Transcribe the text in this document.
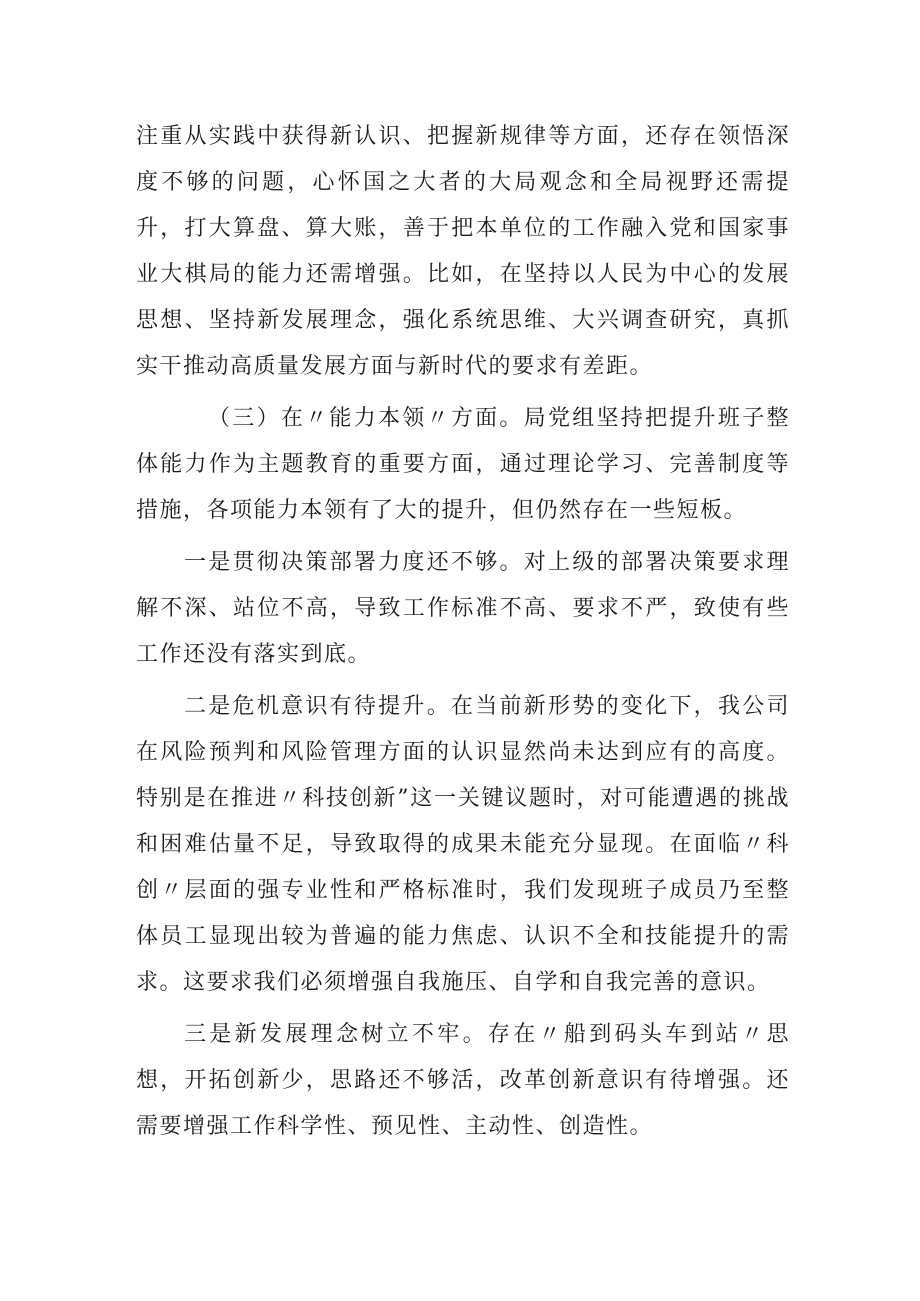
注重从实践中获得新认识、把握新规律等方面，还存在领悟深度不够的问题，心怀国之大者的大局观念和全局视野还需提升，打大算盘、算大账，善于把本单位的工作融入党和国家事业大棋局的能力还需增强。比如，在坚持以人民为中心的发展思想、坚持新发展理念，强化系统思维、大兴调查研究，真抓实干推动高质量发展方面与新时代的要求有差距。

（三）在〃能力本领〃方面。局党组坚持把提升班子整体能力作为主题教育的重要方面，通过理论学习、完善制度等措施，各项能力本领有了大的提升，但仍然存在一些短板。

一是贯彻决策部署力度还不够。对上级的部署决策要求理解不深、站位不高，导致工作标准不高、要求不严，致使有些工作还没有落实到底。

二是危机意识有待提升。在当前新形势的变化下，我公司在风险预判和风险管理方面的认识显然尚未达到应有的高度。特别是在推进〃科技创新”这一关键议题时，对可能遭遇的挑战和困难估量不足，导致取得的成果未能充分显现。在面临〃科创〃层面的强专业性和严格标准时，我们发现班子成员乃至整体员工显现出较为普遍的能力焦虑、认识不全和技能提升的需求。这要求我们必须增强自我施压、自学和自我完善的意识。

三是新发展理念树立不牢。存在〃船到码头车到站〃思想，开拓创新少，思路还不够活，改革创新意识有待增强。还需要增强工作科学性、预见性、主动性、创造性。
